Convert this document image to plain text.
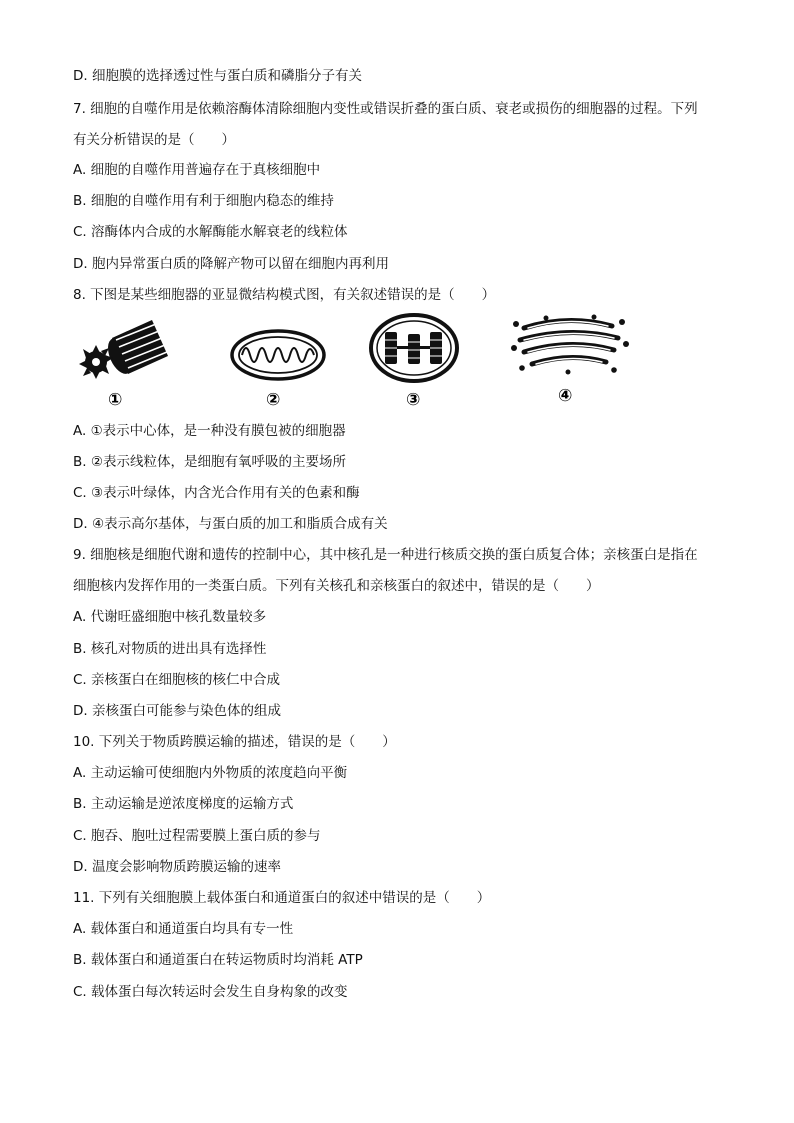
D. 细胞膜的选择透过性与蛋白质和磷脂分子有关
7. 细胞的自噬作用是依赖溶酶体清除细胞内变性或错误折叠的蛋白质、衰老或损伤的细胞器的过程。下列
有关分析错误的是（　　）
A. 细胞的自噬作用普遍存在于真核细胞中
B. 细胞的自噬作用有利于细胞内稳态的维持
C. 溶酶体内合成的水解酶能水解衰老的线粒体
D. 胞内异常蛋白质的降解产物可以留在细胞内再利用
8. 下图是某些细胞器的亚显微结构模式图，有关叙述错误的是（　　）
①	②	③	④
A. ①表示中心体，是一种没有膜包被的细胞器
B. ②表示线粒体，是细胞有氧呼吸的主要场所
C. ③表示叶绿体，内含光合作用有关的色素和酶
D. ④表示高尔基体，与蛋白质的加工和脂质合成有关
9. 细胞核是细胞代谢和遗传的控制中心，其中核孔是一种进行核质交换的蛋白质复合体；亲核蛋白是指在
细胞核内发挥作用的一类蛋白质。下列有关核孔和亲核蛋白的叙述中，错误的是（　　）
A. 代谢旺盛细胞中核孔数量较多
B. 核孔对物质的进出具有选择性
C. 亲核蛋白在细胞核的核仁中合成
D. 亲核蛋白可能参与染色体的组成
10. 下列关于物质跨膜运输的描述，错误的是（　　）
A. 主动运输可使细胞内外物质的浓度趋向平衡
B. 主动运输是逆浓度梯度的运输方式
C. 胞吞、胞吐过程需要膜上蛋白质的参与
D. 温度会影响物质跨膜运输的速率
11. 下列有关细胞膜上载体蛋白和通道蛋白的叙述中错误的是（　　）
A. 载体蛋白和通道蛋白均具有专一性
B. 载体蛋白和通道蛋白在转运物质时均消耗 ATP
C. 载体蛋白每次转运时会发生自身构象的改变
